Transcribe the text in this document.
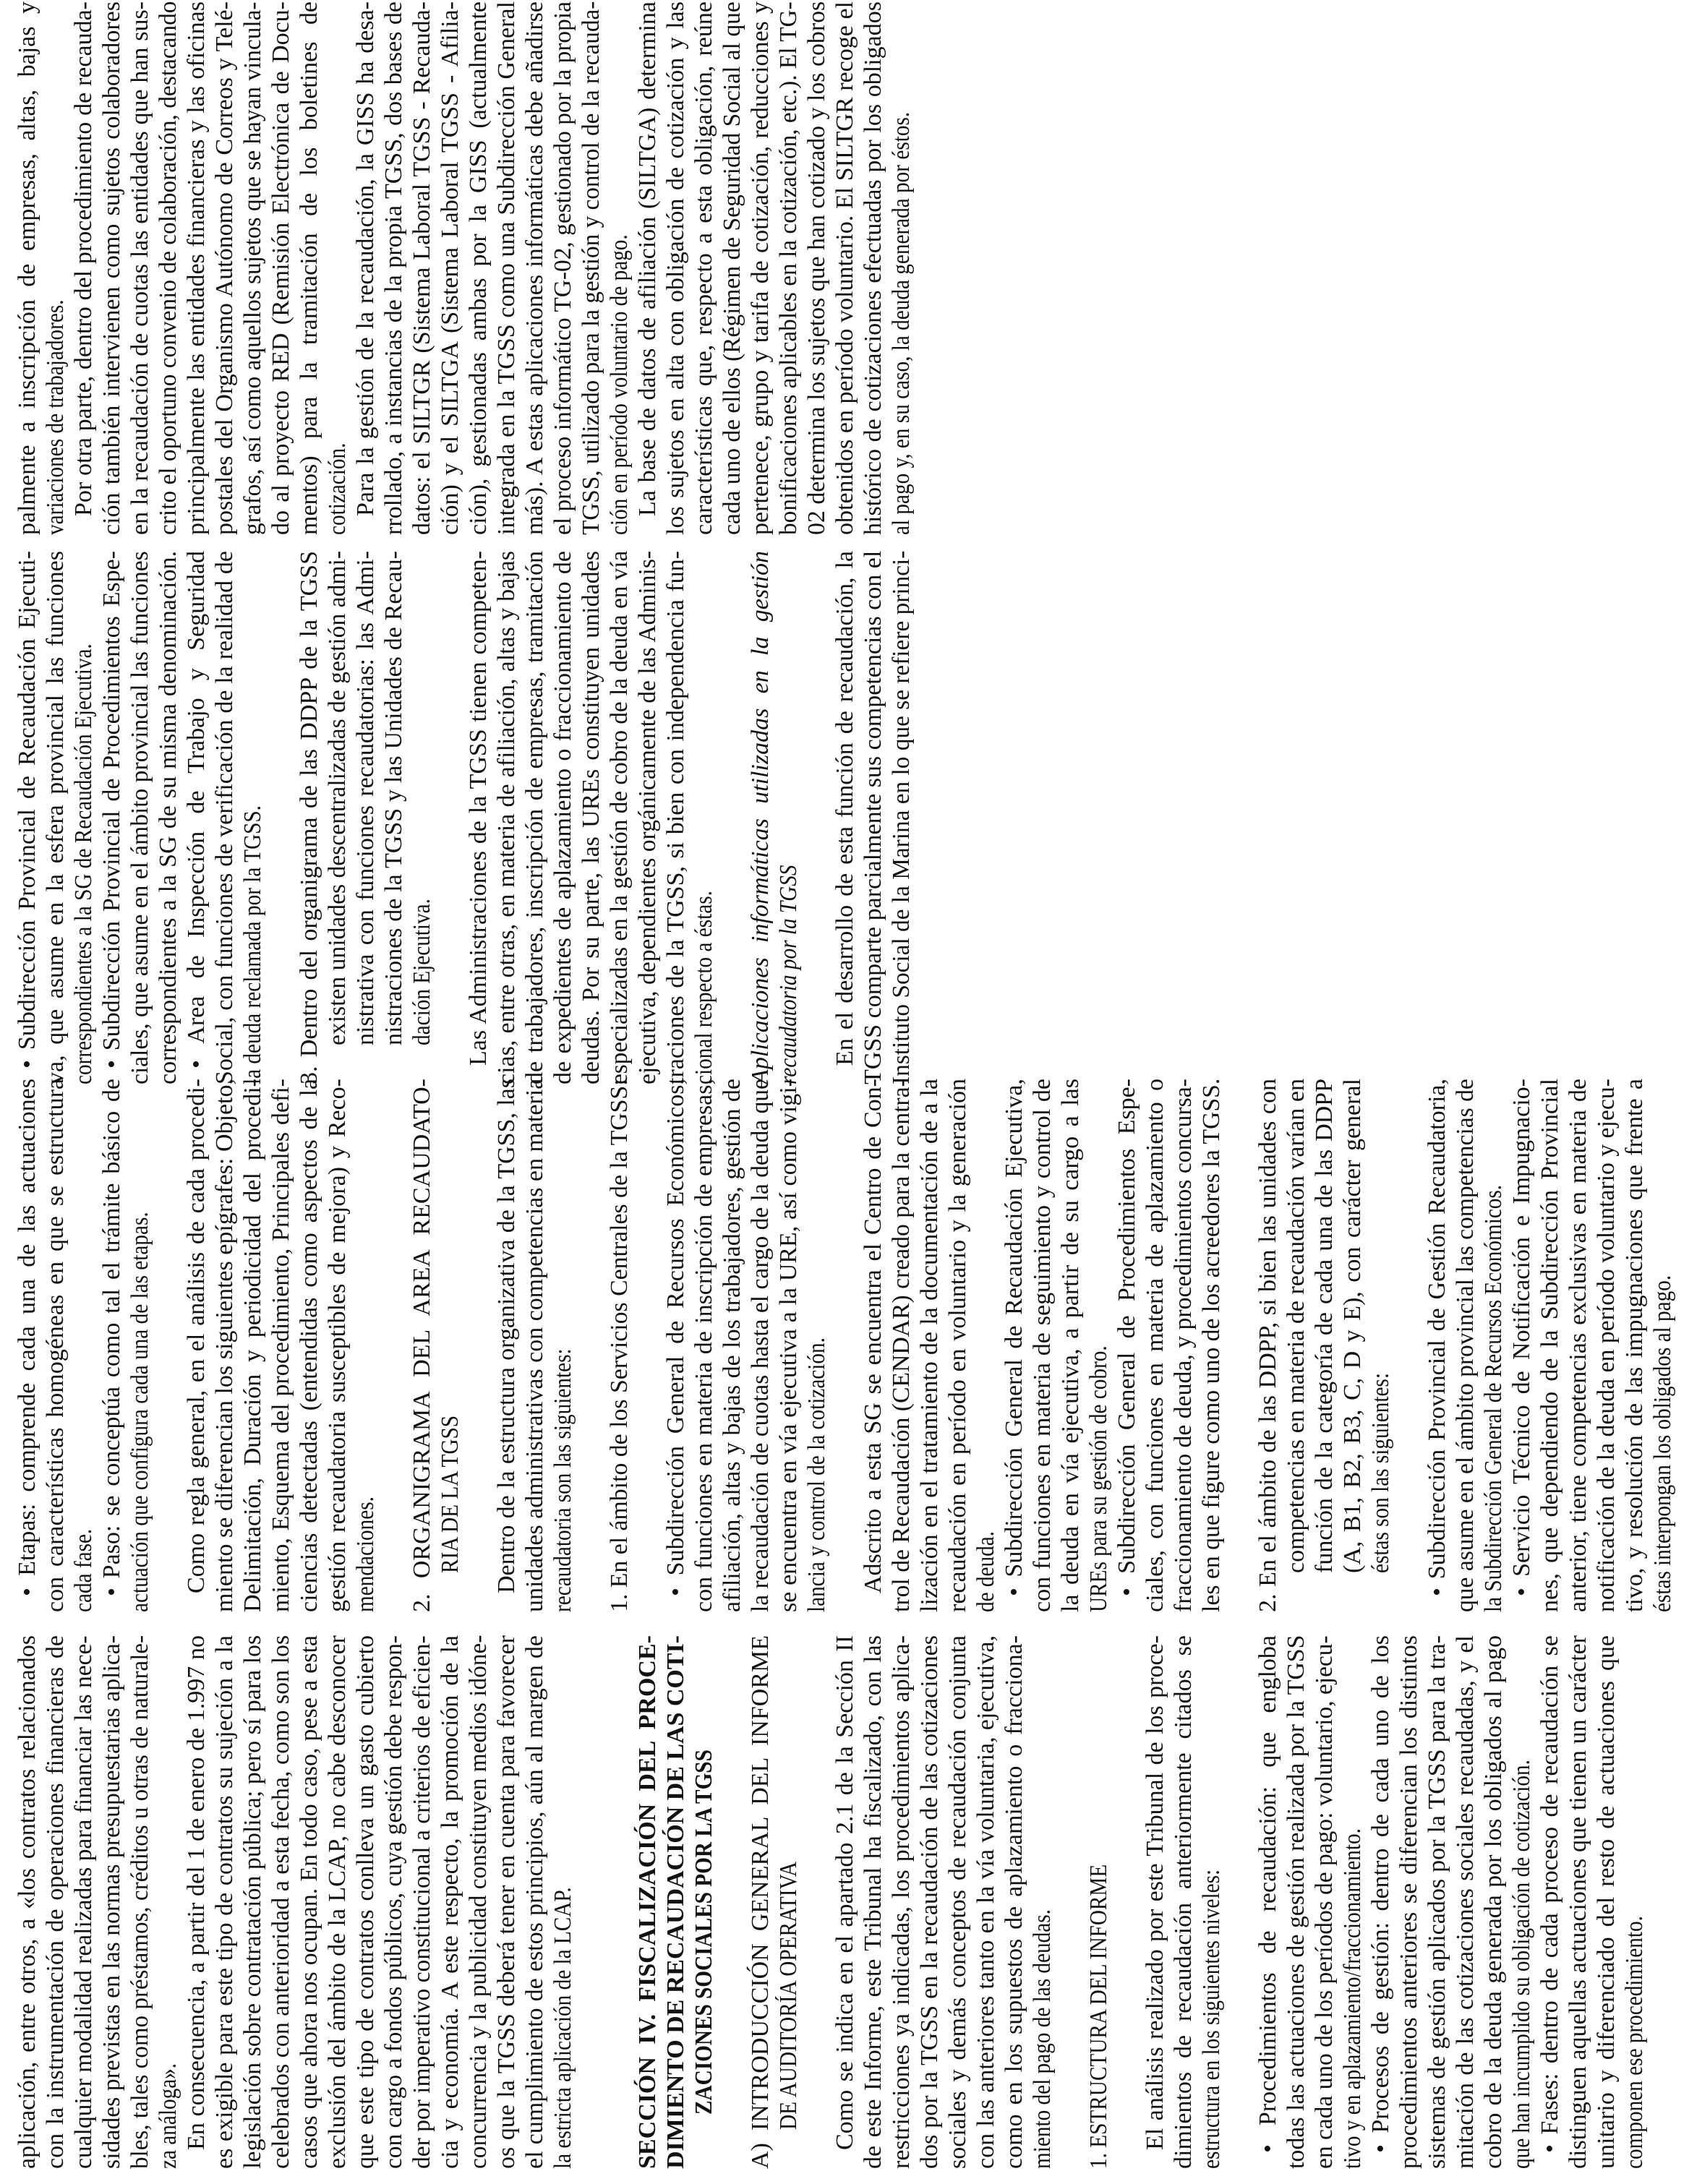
aplicación, entre otros, a «los contratos relacionados con la instrumentación de operaciones financieras de cualquier modalidad realizadas para financiar las nece- sidades previstas en las normas presupuestarias aplica- bles, tales como préstamos, créditos u otras de naturale- za análoga». En consecuencia, a partir del 1 de enero de 1.997 no es exigible para este tipo de contratos su sujeción a la legislación sobre contratación pública; pero sí para los celebrados con anterioridad a esta fecha, como son los casos que ahora nos ocupan. En todo caso, pese a esta exclusión del ámbito de la LCAP, no cabe desconocer que este tipo de contratos conlleva un gasto cubierto con cargo a fondos públicos, cuya gestión debe respon- der por imperativo constitucional a criterios de eficien- cia y economía. A este respecto, la promoción de la concurrencia y la publicidad constituyen medios idóne- os que la TGSS deberá tener en cuenta para favorecer el cumplimiento de estos principios, aún al margen de la estricta aplicación de la LCAP. SECCIÓN IV. FISCALIZACIÓN DEL PROCE- DIMIENTO DE RECAUDACIÓN DE LAS COTI- ZACIONES SOCIALES POR LA TGSS A) INTRODUCCIÓN GENERAL DEL INFORME DE AUDITORÍA OPERATIVA Como se indica en el apartado 2.1 de la Sección II de este Informe, este Tribunal ha fiscalizado, con las restricciones ya indicadas, los procedimientos aplica- dos por la TGSS en la recaudación de las cotizaciones sociales y demás conceptos de recaudación conjunta con las anteriores tanto en la vía voluntaria, ejecutiva, como en los supuestos de aplazamiento o fracciona- miento del pago de las deudas. 1. ESTRUCTURA DEL INFORME El análisis realizado por este Tribunal de los proce- dimientos de recaudación anteriormente citados se estructura en los siguientes niveles: • Procedimientos de recaudación: que engloba todas las actuaciones de gestión realizada por la TGSS en cada uno de los períodos de pago: voluntario, ejecu- tivo y en aplazamiento/fraccionamiento. • Procesos de gestión: dentro de cada uno de los procedimientos anteriores se diferencian los distintos sistemas de gestión aplicados por la TGSS para la tra- mitación de las cotizaciones sociales recaudadas, y el cobro de la deuda generada por los obligados al pago que han incumplido su obligación de cotización. • Fases: dentro de cada proceso de recaudación se distinguen aquellas actuaciones que tienen un carácter unitario y diferenciado del resto de actuaciones que componen ese procedimiento.
• Etapas: comprende cada una de las actuaciones con características homogéneas en que se estructura cada fase. • Paso: se conceptúa como tal el trámite básico de actuación que configura cada una de las etapas. Como regla general, en el análisis de cada procedi- miento se diferencian los siguientes epígrafes: Objeto, Delimitación, Duración y periodicidad del procedi- miento, Esquema del procedimiento, Principales defi- ciencias detectadas (entendidas como aspectos de la gestión recaudatoria susceptibles de mejora) y Reco- mendaciones. 2. ORGANIGRAMA DEL AREA RECAUDATO- RIA DE LA TGSS Dentro de la estructura organizativa de la TGSS, las unidades administrativas con competencias en materia recaudatoria son las siguientes: 1. En el ámbito de los Servicios Centrales de la TGSS: • Subdirección General de Recursos Económicos, con funciones en materia de inscripción de empresas, afiliación, altas y bajas de los trabajadores, gestión de la recaudación de cuotas hasta el cargo de la deuda que se encuentra en vía ejecutiva a la URE, así como vigi- lancia y control de la cotización. Adscrito a esta SG se encuentra el Centro de Con- trol de Recaudación (CENDAR) creado para la centra- lización en el tratamiento de la documentación de a la recaudación en período en voluntario y la generación de deuda. • Subdirección General de Recaudación Ejecutiva, con funciones en materia de seguimiento y control de la deuda en vía ejecutiva, a partir de su cargo a las UREs para su gestión de cobro. • Subdirección General de Procedimientos Espe- ciales, con funciones en materia de aplazamiento o fraccionamiento de deuda, y procedimientos concursa- les en que figure como uno de los acreedores la TGSS. 2. En el ámbito de las DDPP, si bien las unidades con competencias en materia de recaudación varían en función de la categoría de cada una de las DDPP (A, B1, B2, B3, C, D y E), con carácter general éstas son las siguientes: • Subdirección Provincial de Gestión Recaudatoria, que asume en el ámbito provincial las competencias de la Subdirección General de Recursos Económicos. • Servicio Técnico de Notificación e Impugnacio- nes, que dependiendo de la Subdirección Provincial anterior, tiene competencias exclusivas en materia de notificación de la deuda en período voluntario y ejecu- tivo, y resolución de las impugnaciones que frente a éstas interpongan los obligados al pago.
• Subdirección Provincial de Recaudación Ejecuti- va, que asume en la esfera provincial las funciones correspondientes a la SG de Recaudación Ejecutiva. • Subdirección Provincial de Procedimientos Espe- ciales, que asume en el ámbito provincial las funciones correspondientes a la SG de su misma denominación. • Area de Inspección de Trabajo y Seguridad Social, con funciones de verificación de la realidad de la deuda reclamada por la TGSS. 3. Dentro del organigrama de las DDPP de la TGSS existen unidades descentralizadas de gestión admi- nistrativa con funciones recaudatorias: las Admi- nistraciones de la TGSS y las Unidades de Recau- dación Ejecutiva. Las Administraciones de la TGSS tienen competen- cias, entre otras, en materia de afiliación, altas y bajas de trabajadores, inscripción de empresas, tramitación de expedientes de aplazamiento o fraccionamiento de deudas. Por su parte, las UREs constituyen unidades especializadas en la gestión de cobro de la deuda en vía ejecutiva, dependientes orgánicamente de las Adminis- traciones de la TGSS, si bien con independencia fun- cional respecto a éstas. Aplicaciones informáticas utilizadas en la gestión recaudatoria por la TGSS En el desarrollo de esta función de recaudación, la TGSS comparte parcialmente sus competencias con el Instituto Social de la Marina en lo que se refiere princi-
palmente a inscripción de empresas, altas, bajas y variaciones de trabajadores. Por otra parte, dentro del procedimiento de recauda- ción también intervienen como sujetos colaboradores en la recaudación de cuotas las entidades que han sus- crito el oportuno convenio de colaboración, destacando principalmente las entidades financieras y las oficinas postales del Organismo Autónomo de Correos y Telé- grafos, así como aquellos sujetos que se hayan vincula- do al proyecto RED (Remisión Electrónica de Docu- mentos) para la tramitación de los boletines de cotización. Para la gestión de la recaudación, la GISS ha desa- rrollado, a instancias de la propia TGSS, dos bases de datos: el SILTGR (Sistema Laboral TGSS - Recauda- ción) y el SILTGA (Sistema Laboral TGSS - Afilia- ción), gestionadas ambas por la GISS (actualmente integrada en la TGSS como una Subdirección General más). A estas aplicaciones informáticas debe añadirse el proceso informático TG-02, gestionado por la propia TGSS, utilizado para la gestión y control de la recauda- ción en período voluntario de pago. La base de datos de afiliación (SILTGA) determina los sujetos en alta con obligación de cotización y las características que, respecto a esta obligación, reúne cada uno de ellos (Régimen de Seguridad Social al que pertenece, grupo y tarifa de cotización, reducciones y bonificaciones aplicables en la cotización, etc.). El TG- 02 determina los sujetos que han cotizado y los cobros obtenidos en período voluntario. El SILTGR recoge el histórico de cotizaciones efectuadas por los obligados al pago y, en su caso, la deuda generada por éstos.
